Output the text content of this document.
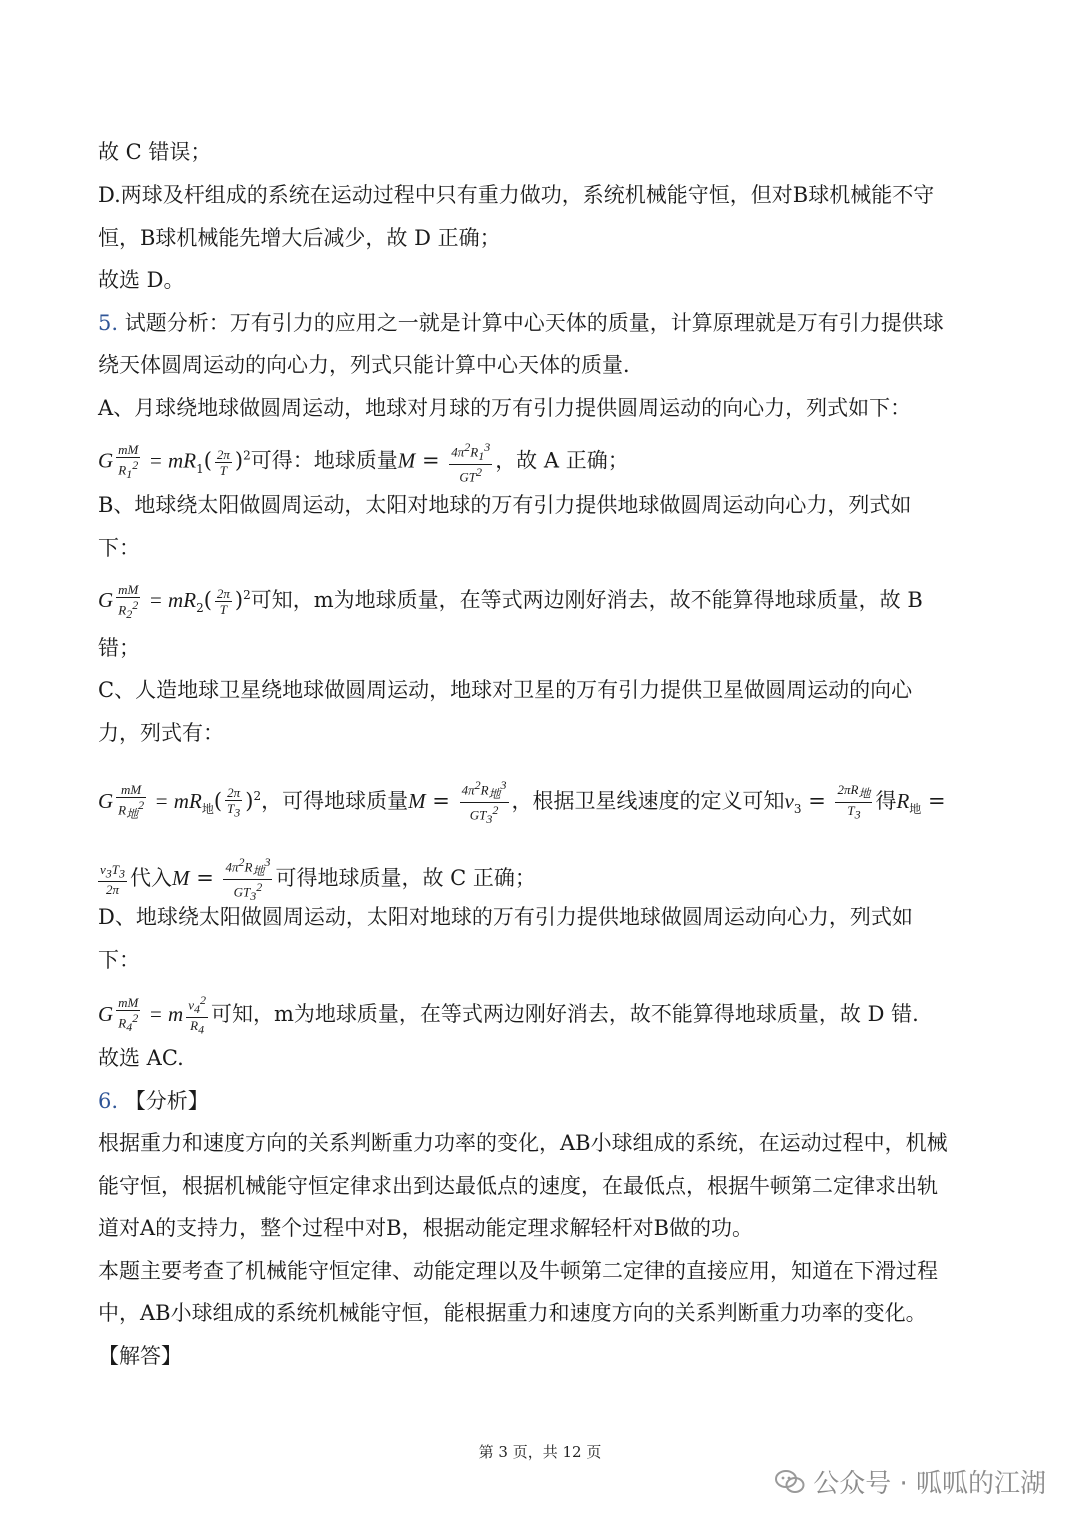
故 C 错误；
D.两球及杆组成的系统在运动过程中只有重力做功，系统机械能守恒，但对B球机械能不守
恒，B球机械能先增大后减少，故 D 正确；
故选 D。
5. 试题分析：万有引力的应用之一就是计算中心天体的质量，计算原理就是万有引力提供球
绕天体圆周运动的向心力，列式只能计算中心天体的质量．
A、月球绕地球做圆周运动，地球对月球的万有引力提供圆周运动的向心力，列式如下：
G $\frac{mM}{R_1^2} = mR_1( \frac{2\pi}{T} )^2$可得：地球质量$M = \frac{4\pi^2R_1^3}{GT^2}$ ，故 A 正确；
B、地球绕太阳做圆周运动，太阳对地球的万有引力提供地球做圆周运动向心力，列式如
下：
G $\frac{mM}{R_2^2} = mR_2( \frac{2\pi}{T} )^2$可知，m为地球质量，在等式两边刚好消去，故不能算得地球质量，故 B
错；
C、人造地球卫星绕地球做圆周运动，地球对卫星的万有引力提供卫星做圆周运动的向心
力，列式有：
G $\frac{mM}{R_地^2} = mR_地( \frac{2\pi}{T_3} )^2$，可得地球质量$M = \frac{4\pi^2R_地^3}{GT_3^2}$ ，根据卫星线速度的定义可知$v_3 = \frac{2\pi R_地}{T_3}$ 得$R_地$ =
$\frac{v_3T_3}{2\pi}$ 代入$M = \frac{4\pi^2R_地^3}{GT_3^2}$ 可得地球质量，故 C 正确；
D、地球绕太阳做圆周运动，太阳对地球的万有引力提供地球做圆周运动向心力，列式如
下：
G $\frac{mM}{R_4^2} = m \frac{v_4^2}{R_4}$ 可知，m为地球质量，在等式两边刚好消去，故不能算得地球质量，故 D 错.
故选 AC.
6. 【分析】
根据重力和速度方向的关系判断重力功率的变化，AB小球组成的系统，在运动过程中，机械
能守恒，根据机械能守恒定律求出到达最低点的速度，在最低点，根据牛顿第二定律求出轨
道对A的支持力，整个过程中对B，根据动能定理求解轻杆对B做的功。
本题主要考查了机械能守恒定律、动能定理以及牛顿第二定律的直接应用，知道在下滑过程
中，AB小球组成的系统机械能守恒，能根据重力和速度方向的关系判断重力功率的变化。
【解答】
第 3 页，共 12 页
公众号 · 呱呱的江湖
